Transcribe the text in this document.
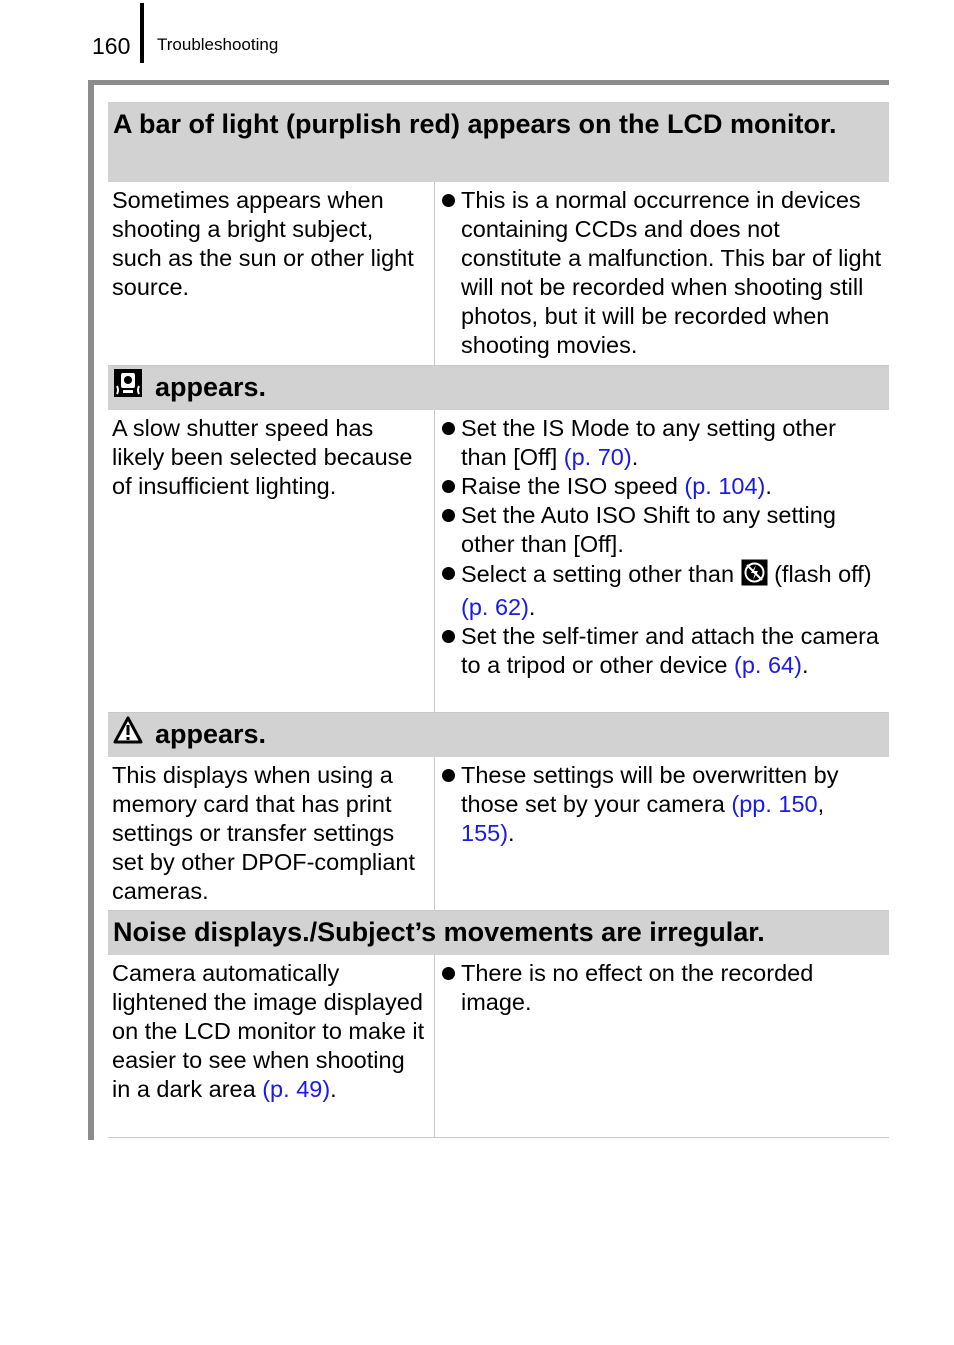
160 Troubleshooting
A bar of light (purplish red) appears on the LCD monitor.
Sometimes appears when shooting a bright subject, such as the sun or other light source.
This is a normal occurrence in devices containing CCDs and does not constitute a malfunction. This bar of light will not be recorded when shooting still photos, but it will be recorded when shooting movies.
appears.
A slow shutter speed has likely been selected because of insufficient lighting.
Set the IS Mode to any setting other than [Off] (p. 70).
Raise the ISO speed (p. 104).
Set the Auto ISO Shift to any setting other than [Off].
Select a setting other than  (flash off) (p. 62).
Set the self-timer and attach the camera to a tripod or other device (p. 64).
appears.
This displays when using a memory card that has print settings or transfer settings set by other DPOF-compliant cameras.
These settings will be overwritten by those set by your camera (pp. 150, 155).
Noise displays./Subject’s movements are irregular.
Camera automatically lightened the image displayed on the LCD monitor to make it easier to see when shooting in a dark area (p. 49).
There is no effect on the recorded image.
